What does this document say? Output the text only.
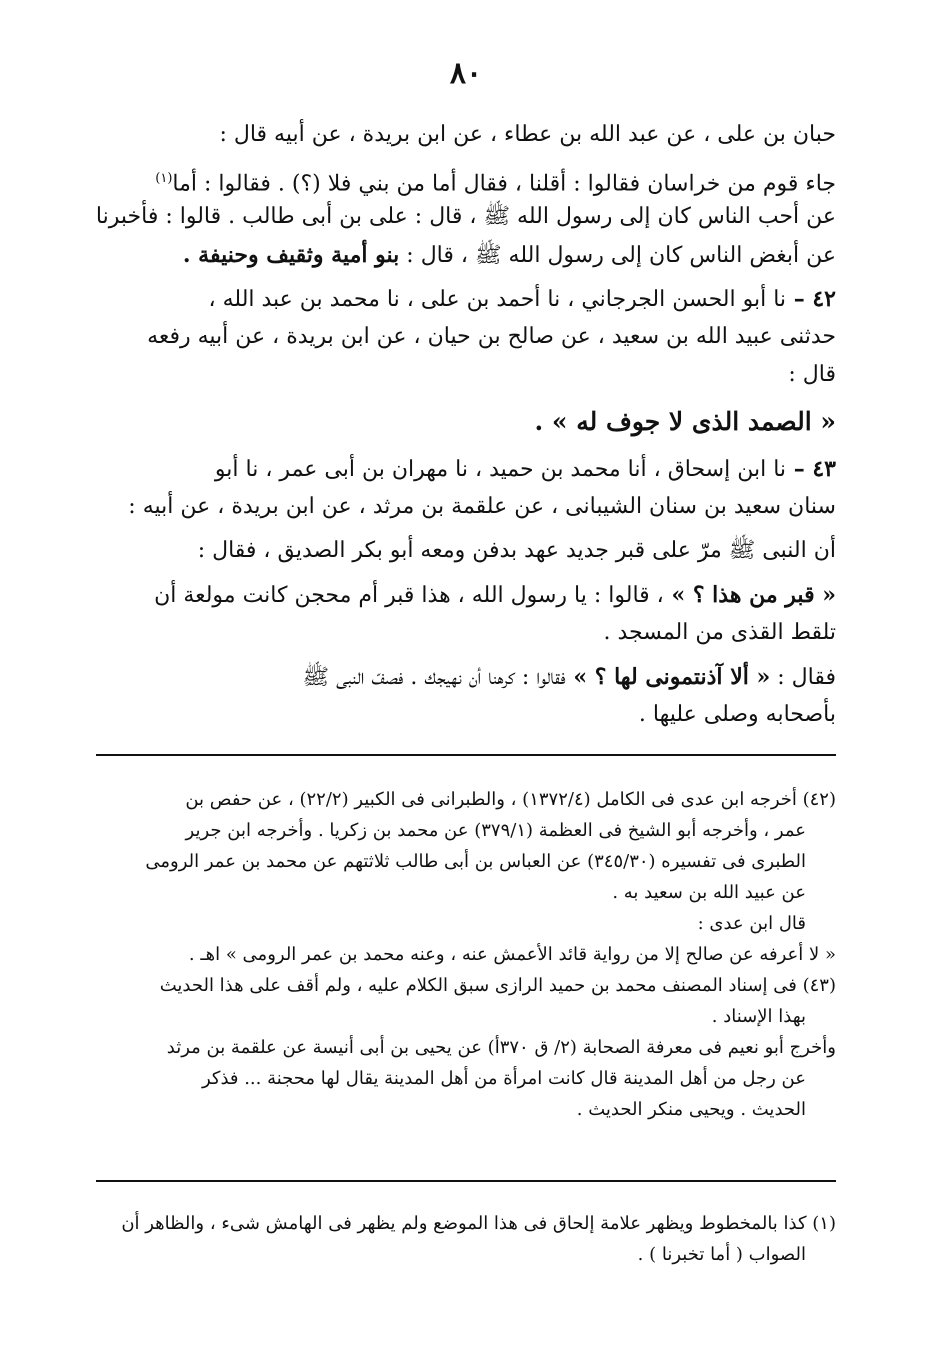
٨٠
حبان بن على ، عن عبد الله بن عطاء ، عن ابن بريدة ، عن أبيه قال :
جاء قوم من خراسان فقالوا : أقلنا ، فقال أما من بني فلا (؟) . فقالوا : أما$^{(١)}$
عن أحب الناس كان إلى رسول الله ﷺ ، قال : على بن أبى طالب . قالوا : فأخبرنا
عن أبغض الناس كان إلى رسول الله ﷺ ، قال : بنو أمية وثقيف وحنيفة .
٤٢ – نا أبو الحسن الجرجاني ، نا أحمد بن على ، نا محمد بن عبد الله ،
حدثنى عبيد الله بن سعيد ، عن صالح بن حيان ، عن ابن بريدة ، عن أبيه رفعه
قال :
« الصمد الذى لا جوف له » .
٤٣ – نا ابن إسحاق ، أنا محمد بن حميد ، نا مهران بن أبى عمر ، نا أبو
سنان سعيد بن سنان الشيبانى ، عن علقمة بن مرثد ، عن ابن بريدة ، عن أبيه :
أن النبى ﷺ مرّ على قبر جديد عهد بدفن ومعه أبو بكر الصديق ، فقال :
« قبر من هذا ؟ » ، قالوا : يا رسول الله ، هذا قبر أم محجن كانت مولعة أن
تلقط القذى من المسجد .
فقال : « ألا آذنتمونى لها ؟ » فقالوا : كرهنا أن نهيجك . فصفّ النبى ﷺ
بأصحابه وصلى عليها .
(٤٢) أخرجه ابن عدى فى الكامل (١٣٧٢/٤) ، والطبرانى فى الكبير (٢٢/٢) ، عن حفص بن
عمر ، وأخرجه أبو الشيخ فى العظمة (٣٧٩/١) عن محمد بن زكريا . وأخرجه ابن جرير
الطبرى فى تفسيره (٣٤٥/٣٠) عن العباس بن أبى طالب ثلاثتهم عن محمد بن عمر الرومى
عن عبيد الله بن سعيد به .
قال ابن عدى :
« لا أعرفه عن صالح إلا من رواية قائد الأعمش عنه ، وعنه محمد بن عمر الرومى » اهـ .
(٤٣) فى إسناد المصنف محمد بن حميد الرازى سبق الكلام عليه ، ولم أقف على هذا الحديث
بهذا الإسناد .
وأخرج أبو نعيم فى معرفة الصحابة (٢/ ق ٣٧٠أ) عن يحيى بن أبى أنيسة عن علقمة بن مرثد
عن رجل من أهل المدينة قال كانت امرأة من أهل المدينة يقال لها محجنة ... فذكر
الحديث . ويحيى منكر الحديث .
(١) كذا بالمخطوط ويظهر علامة إلحاق فى هذا الموضع ولم يظهر فى الهامش شىء ، والظاهر أن
الصواب ( أما تخبرنا ) .
